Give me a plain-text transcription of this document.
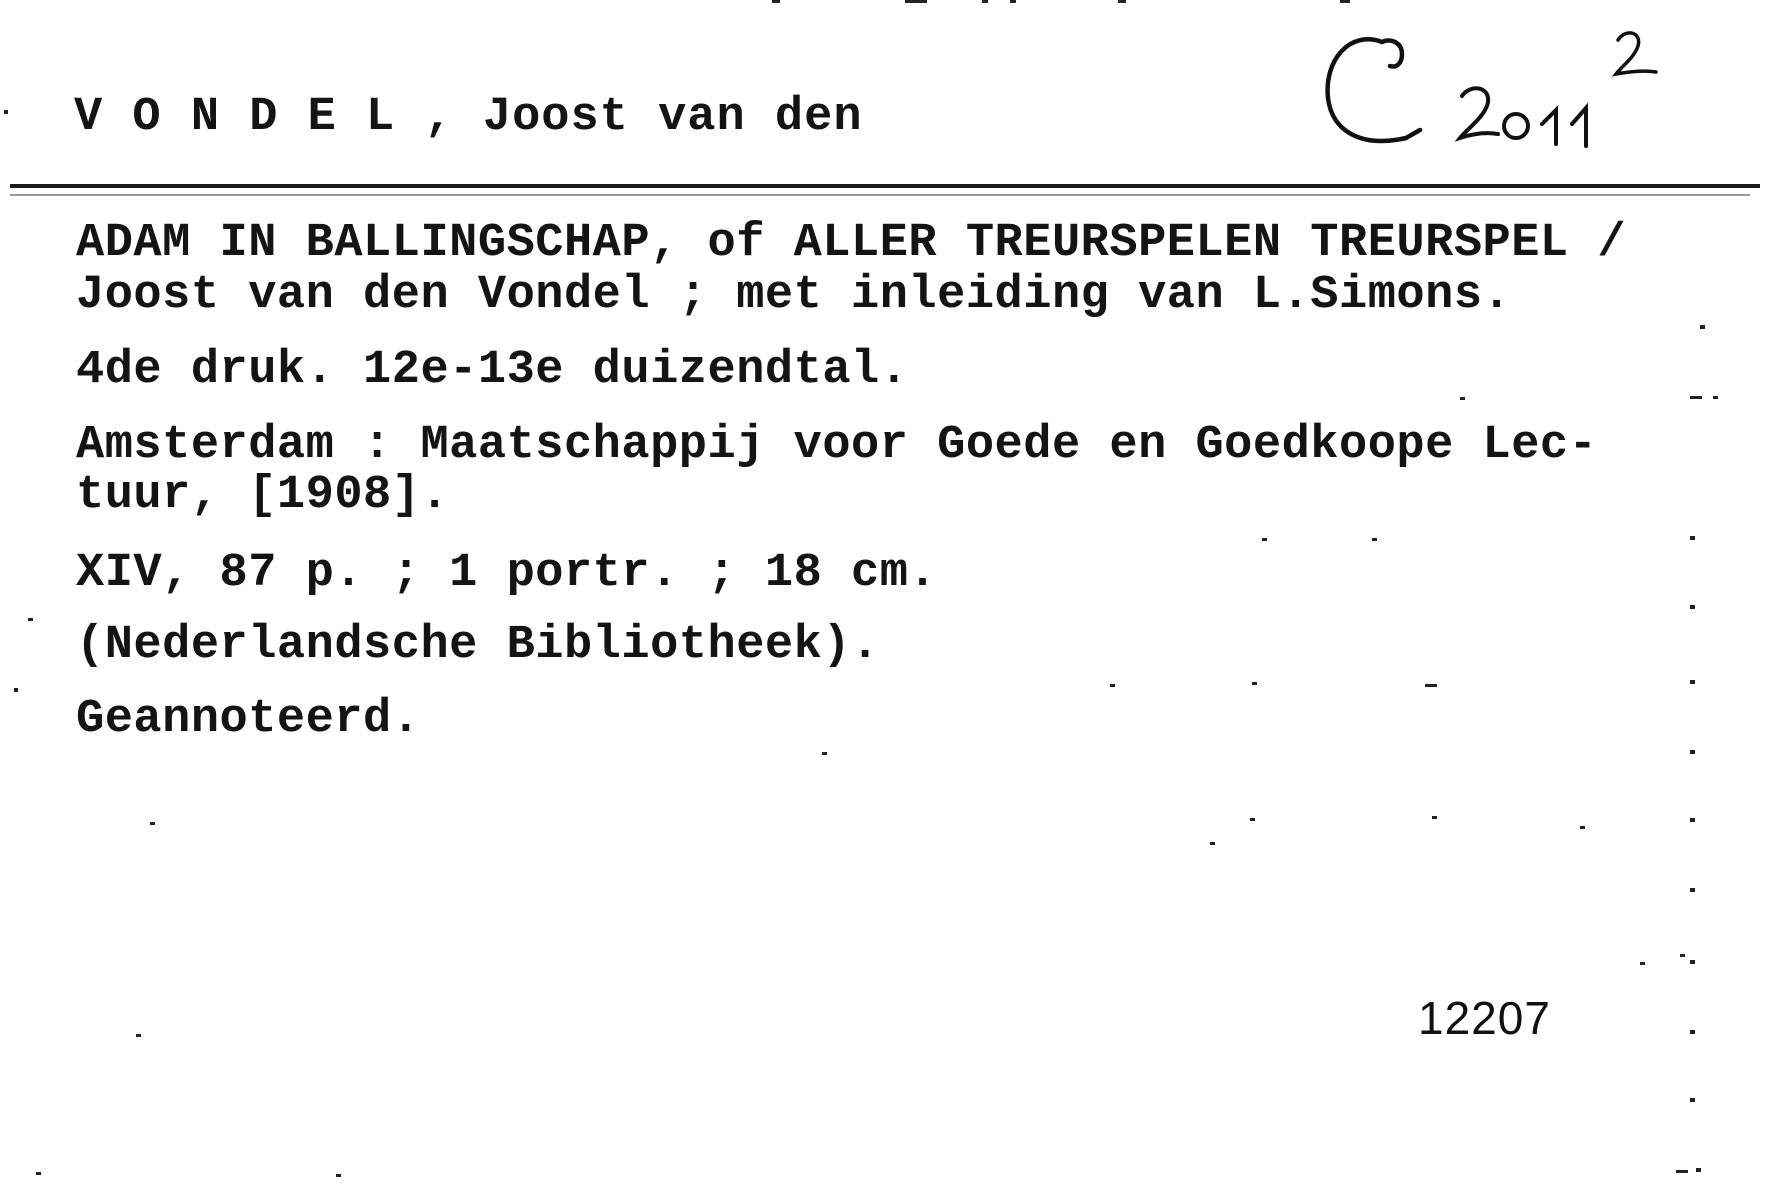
V O N D E L , Joost van den
ADAM IN BALLINGSCHAP, of ALLER TREURSPELEN TREURSPEL /
Joost van den Vondel ; met inleiding van L.Simons.
4de druk. 12e-13e duizendtal.
Amsterdam : Maatschappij voor Goede en Goedkoope Lec-
tuur, [1908].
XIV, 87 p. ; 1 portr. ; 18 cm.
(Nederlandsche Bibliotheek).
Geannoteerd.
12207
